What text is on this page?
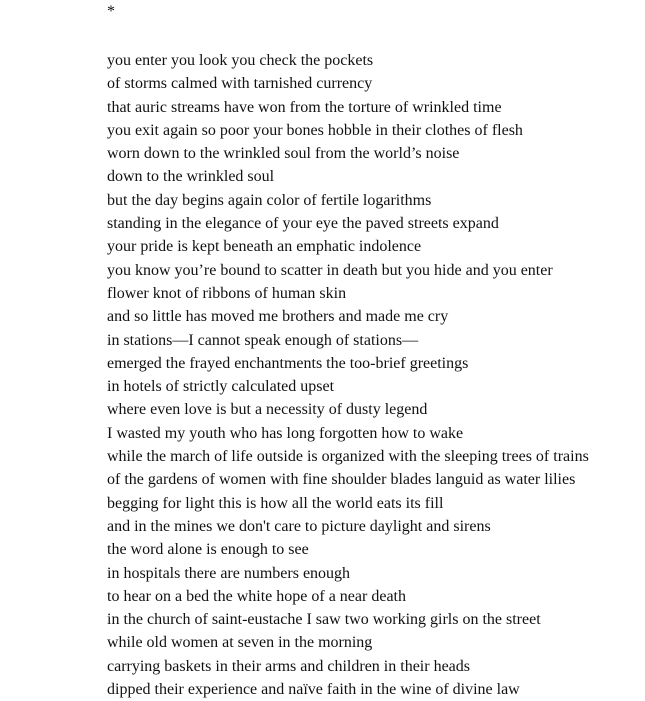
*
you enter you look you check the pockets
of storms calmed with tarnished currency
that auric streams have won from the torture of wrinkled time
you exit again so poor your bones hobble in their clothes of flesh
worn down to the wrinkled soul from the world’s noise
down to the wrinkled soul
but the day begins again color of fertile logarithms
standing in the elegance of your eye the paved streets expand
your pride is kept beneath an emphatic indolence
you know you’re bound to scatter in death but you hide and you enter
flower knot of ribbons of human skin
and so little has moved me brothers and made me cry
in stations—I cannot speak enough of stations—
emerged the frayed enchantments the too-brief greetings
in hotels of strictly calculated upset
where even love is but a necessity of dusty legend
I wasted my youth who has long forgotten how to wake
while the march of life outside is organized with the sleeping trees of trains
of the gardens of women with fine shoulder blades languid as water lilies
begging for light this is how all the world eats its fill
and in the mines we don't care to picture daylight and sirens
the word alone is enough to see
in hospitals there are numbers enough
to hear on a bed the white hope of a near death
in the church of saint-eustache I saw two working girls on the street
while old women at seven in the morning
carrying baskets in their arms and children in their heads
dipped their experience and naïve faith in the wine of divine law
